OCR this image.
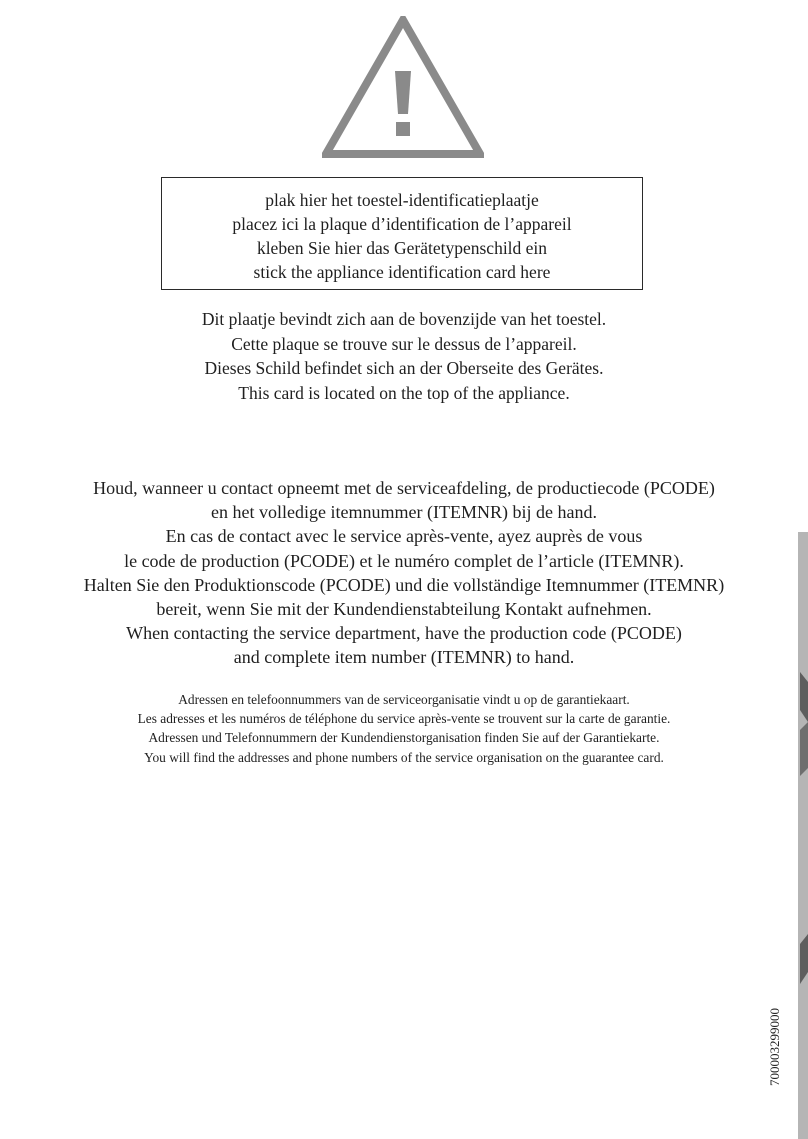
plak hier het toestel-identificatieplaatje
placez ici la plaque d’identification de l’appareil
kleben Sie hier das Gerätetypenschild ein
stick the appliance identification card here
Dit plaatje bevindt zich aan de bovenzijde van het toestel.
Cette plaque se trouve sur le dessus de l’appareil.
Dieses Schild befindet sich an der Oberseite des Gerätes.
This card is located on the top of the appliance.
Houd, wanneer u contact opneemt met de serviceafdeling, de productiecode (PCODE)
en het volledige itemnummer (ITEMNR) bij de hand.
En cas de contact avec le service après-vente, ayez auprès de vous
le code de production (PCODE) et le numéro complet de l’article (ITEMNR).
Halten Sie den Produktionscode (PCODE) und die vollständige Itemnummer (ITEMNR)
bereit, wenn Sie mit der Kundendienstabteilung Kontakt aufnehmen.
When contacting the service department, have the production code (PCODE)
and complete item number (ITEMNR) to hand.
Adressen en telefoonnummers van de serviceorganisatie vindt u op de garantiekaart.
Les adresses et les numéros de téléphone du service après-vente se trouvent sur la carte de garantie.
Adressen und Telefonnummern der Kundendienstorganisation finden Sie auf der Garantiekarte.
You will find the addresses and phone numbers of the service organisation on the guarantee card.
700003299000
